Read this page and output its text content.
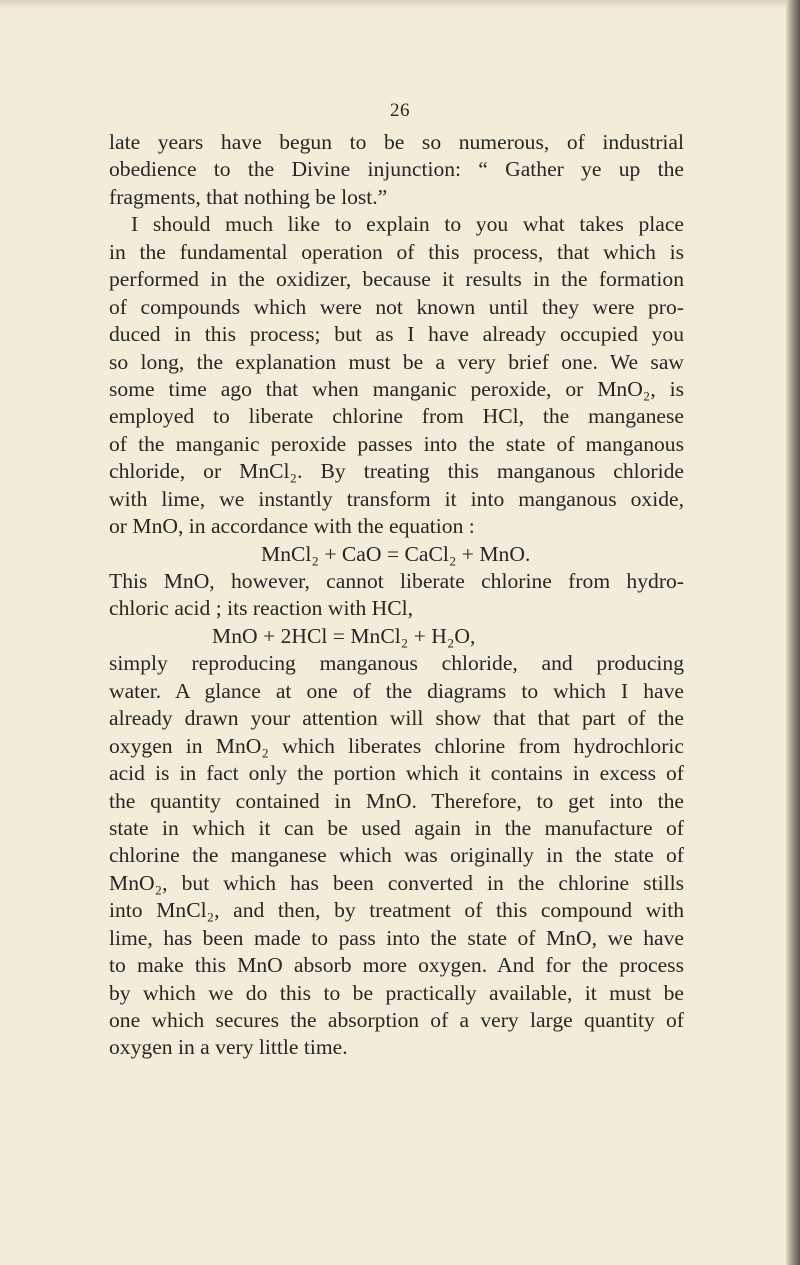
26
late years have begun to be so numerous, of industrial
obedience to the Divine injunction: “ Gather ye up the
fragments, that nothing be lost.”
I should much like to explain to you what takes place
in the fundamental operation of this process, that which is
performed in the oxidizer, because it results in the formation
of compounds which were not known until they were pro-
duced in this process; but as I have already occupied you
so long, the explanation must be a very brief one. We saw
some time ago that when manganic peroxide, or MnO₂, is
employed to liberate chlorine from HCl, the manganese
of the manganic peroxide passes into the state of manganous
chloride, or MnCl₂. By treating this manganous chloride
with lime, we instantly transform it into manganous oxide,
or MnO, in accordance with the equation :
MnCl₂ + CaO = CaCl₂ + MnO.
This MnO, however, cannot liberate chlorine from hydro-
chloric acid ; its reaction with HCl,
MnO + 2HCl = MnCl₂ + H₂O,
simply reproducing manganous chloride, and producing
water. A glance at one of the diagrams to which I have
already drawn your attention will show that that part of the
oxygen in MnO₂ which liberates chlorine from hydrochloric
acid is in fact only the portion which it contains in excess of
the quantity contained in MnO. Therefore, to get into the
state in which it can be used again in the manufacture of
chlorine the manganese which was originally in the state of
MnO₂, but which has been converted in the chlorine stills
into MnCl₂, and then, by treatment of this compound with
lime, has been made to pass into the state of MnO, we have
to make this MnO absorb more oxygen. And for the process
by which we do this to be practically available, it must be
one which secures the absorption of a very large quantity of
oxygen in a very little time.
